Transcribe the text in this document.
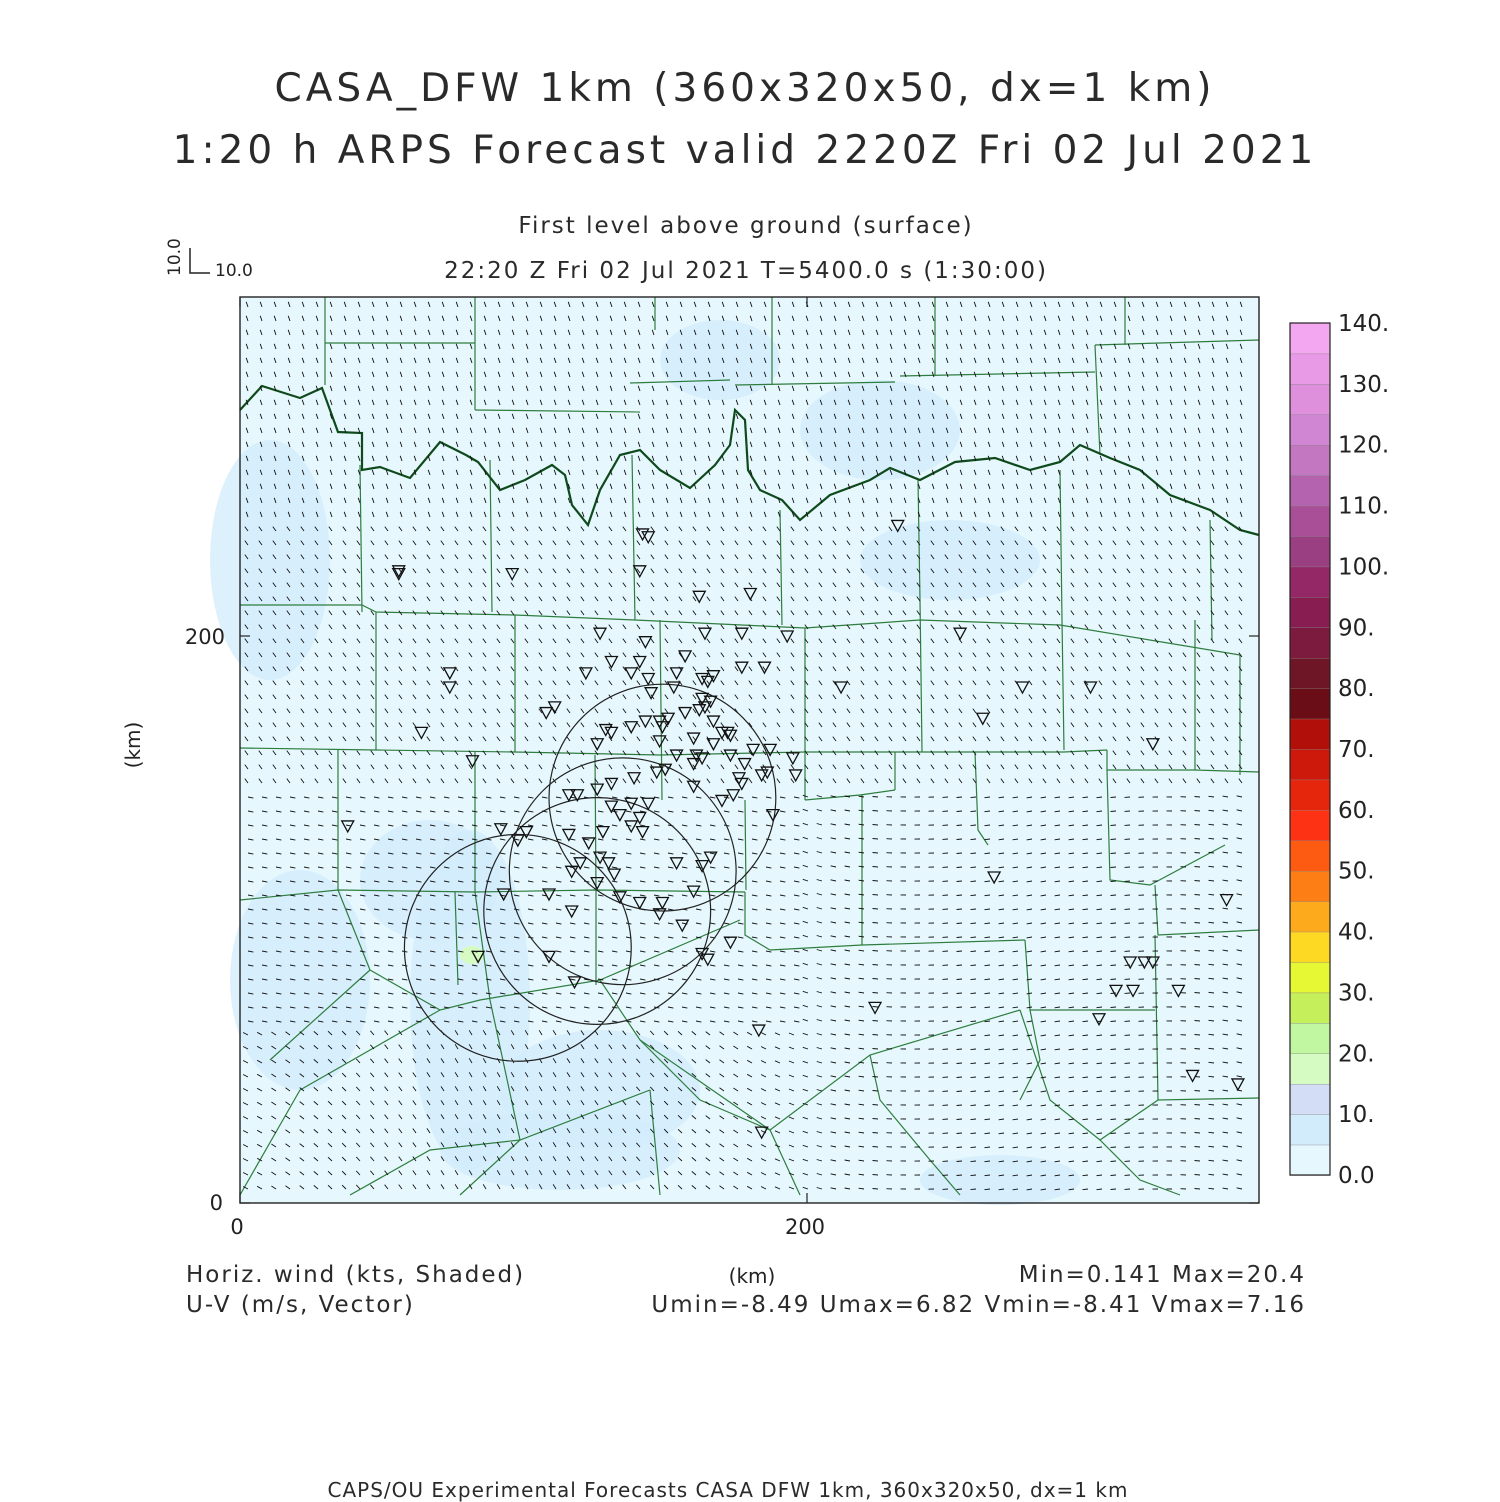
CASA_DFW 1km (360x320x50, dx=1 km)
1:20 h ARPS Forecast valid 2220Z Fri 02 Jul 2021
First level above ground (surface)
22:20 Z Fri 02 Jul 2021 T=5400.0 s (1:30:00)
0	200
0
200
(km)
(km)
10.0
10.0
0.0
10.
20.
30.
40.
50.
60.
70.
80.
90.
100.
110.
120.
130.
140.
Horiz. wind (kts, Shaded)
U-V (m/s, Vector)
Min=0.141 Max=20.4
Umin=-8.49 Umax=6.82 Vmin=-8.41 Vmax=7.16
CAPS/OU Experimental Forecasts CASA DFW 1km, 360x320x50, dx=1 km
